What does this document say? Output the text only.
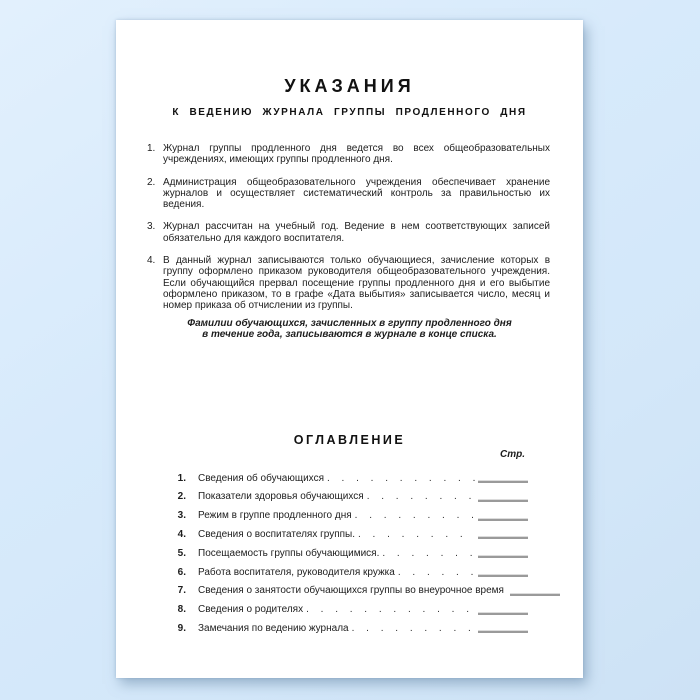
УКАЗАНИЯ
К ВЕДЕНИЮ ЖУРНАЛА ГРУППЫ ПРОДЛЕННОГО ДНЯ
1. Журнал группы продленного дня ведется во всех общеобразовательных учреждениях, имеющих группы продленного дня.
2. Администрация общеобразовательного учреждения обеспечивает хранение журналов и осуществляет систематический контроль за правильностью их ведения.
3. Журнал рассчитан на учебный год. Ведение в нем соответствующих записей обязательно для каждого воспитателя.
4. В данный журнал записываются только обучающиеся, зачисление которых в группу оформлено приказом руководителя общеобразовательного учреждения. Если обучающийся прервал посещение группы продленного дня и его выбытие оформлено приказом, то в графе «Дата выбытия» записывается число, месяц и номер приказа об отчислении из группы.
Фамилии обучающихся, зачисленных в группу продленного дня
в течение года, записываются в журнале в конце списка.
ОГЛАВЛЕНИЕ
Стр.
1. Сведения об обучающихся
. . .
2. Показатели здоровья обучающихся
. . .
3. Режим в группе продленного дня
. . .
4. Сведения о воспитателях группы.
. . .
5. Посещаемость группы обучающимися.
. . .
6. Работа воспитателя, руководителя кружка
. . .
7. Сведения о занятости обучающихся группы во внеурочное время
8. Сведения о родителях
. . .
9. Замечания по ведению журнала
. . .
